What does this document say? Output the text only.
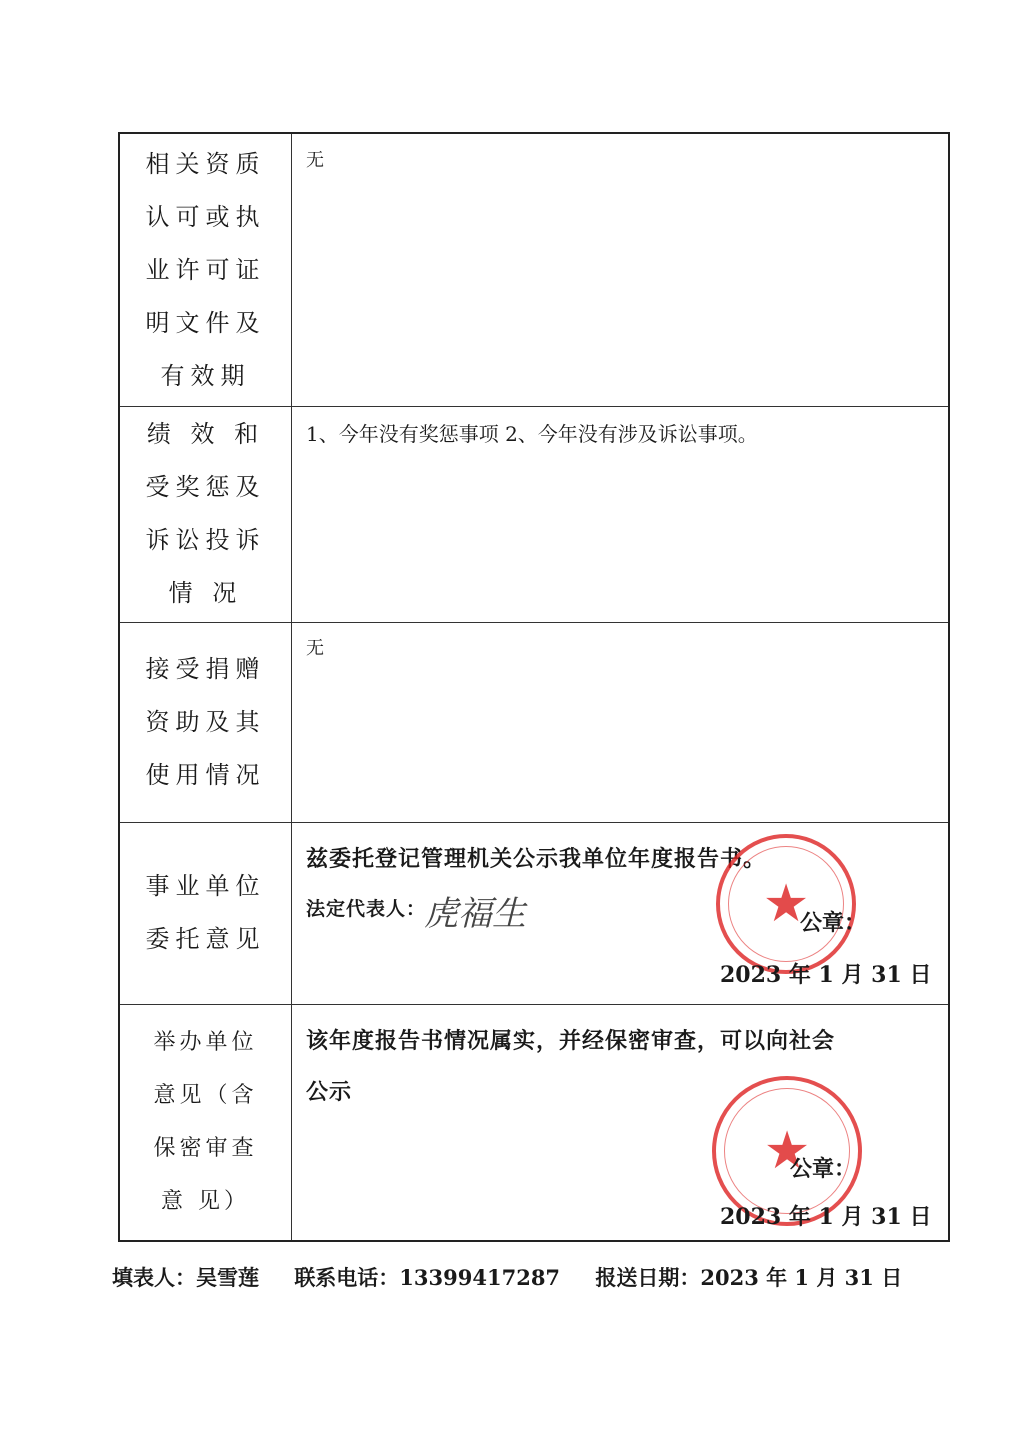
相关资质
认可或执
业许可证
明文件及
有效期
无
绩 效 和
受奖惩及
诉讼投诉
情 况
1、今年没有奖惩事项 2、今年没有涉及诉讼事项。
接受捐赠
资助及其
使用情况
无
事业单位
委托意见
兹委托登记管理机关公示我单位年度报告书。
法定代表人：
虎福生	★
公章：
2023 年 1 月 31 日
举办单位
意见（含
保密审查
意 见）
该年度报告书情况属实，并经保密审查，可以向社会
公示
★
公章：
2023 年 1 月 31 日
填表人：吴雪莲 联系电话：13399417287 报送日期：2023 年 1 月 31 日
